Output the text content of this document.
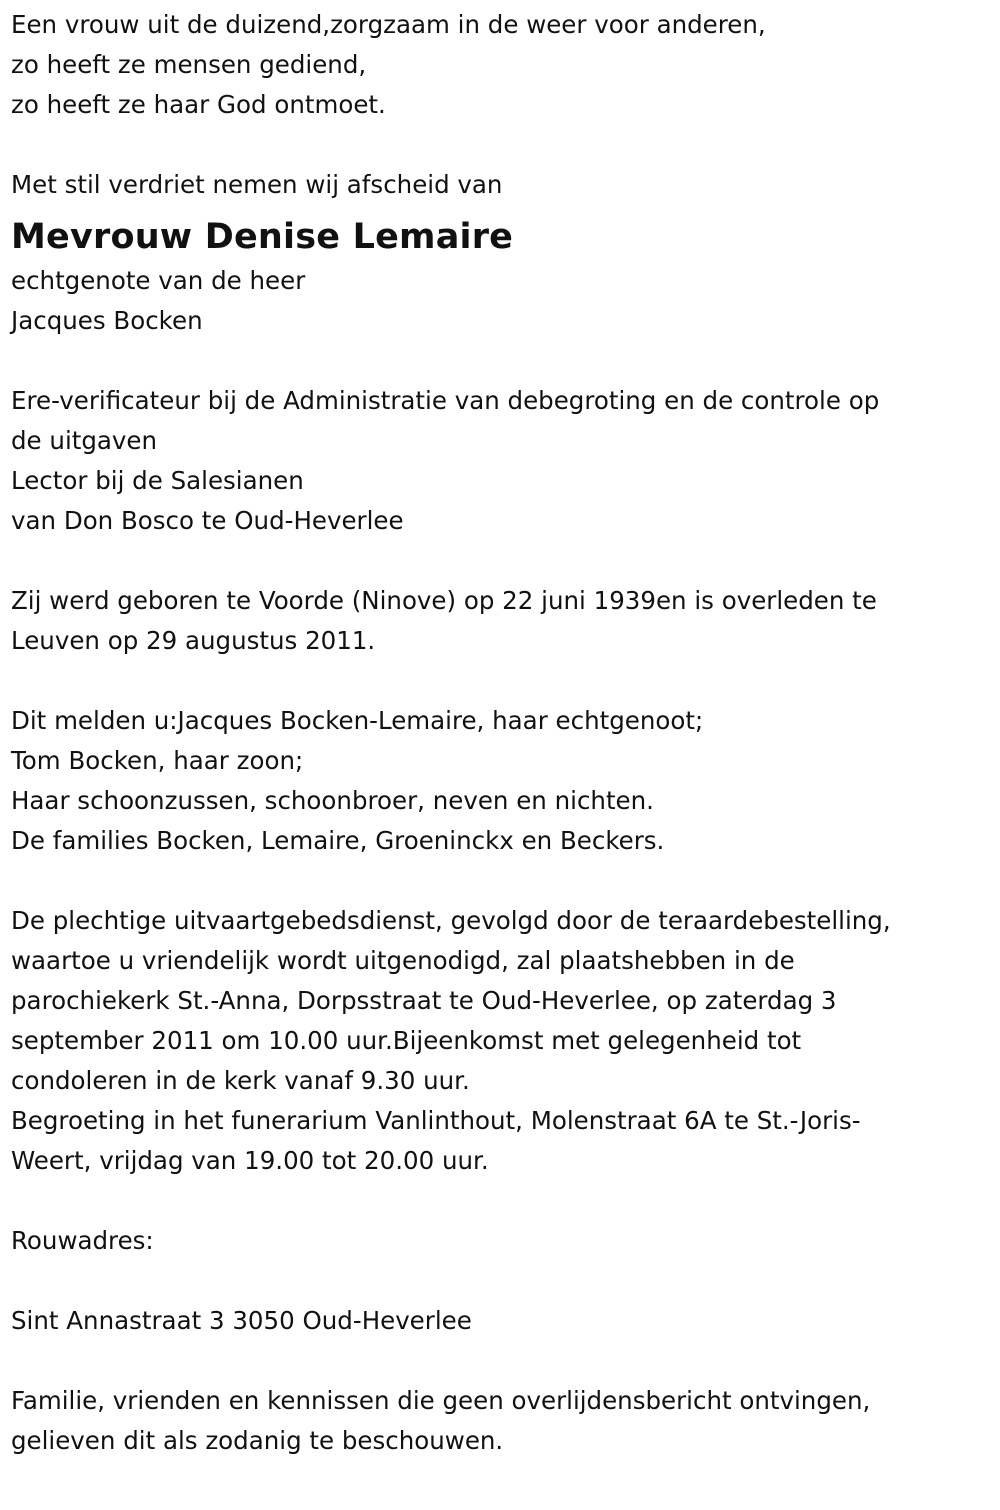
Een vrouw uit de duizend,zorgzaam in de weer voor anderen,
zo heeft ze mensen gediend,
zo heeft ze haar God ontmoet.
Met stil verdriet nemen wij afscheid van
Mevrouw Denise Lemaire
echtgenote van de heer
Jacques Bocken
Ere-verificateur bij de Administratie van debegroting en de controle op
de uitgaven
Lector bij de Salesianen
van Don Bosco te Oud-Heverlee
Zij werd geboren te Voorde (Ninove) op 22 juni 1939en is overleden te
Leuven op 29 augustus 2011.
Dit melden u:Jacques Bocken-Lemaire, haar echtgenoot;
Tom Bocken, haar zoon;
Haar schoonzussen, schoonbroer, neven en nichten.
De families Bocken, Lemaire, Groeninckx en Beckers.
De plechtige uitvaartgebedsdienst, gevolgd door de teraardebestelling,
waartoe u vriendelijk wordt uitgenodigd, zal plaatshebben in de
parochiekerk St.-Anna, Dorpsstraat te Oud-Heverlee, op zaterdag 3
september 2011 om 10.00 uur.Bijeenkomst met gelegenheid tot
condoleren in de kerk vanaf 9.30 uur.
Begroeting in het funerarium Vanlinthout, Molenstraat 6A te St.-Joris-
Weert, vrijdag van 19.00 tot 20.00 uur.
Rouwadres:
Sint Annastraat 3 3050 Oud-Heverlee
Familie, vrienden en kennissen die geen overlijdensbericht ontvingen,
gelieven dit als zodanig te beschouwen.
